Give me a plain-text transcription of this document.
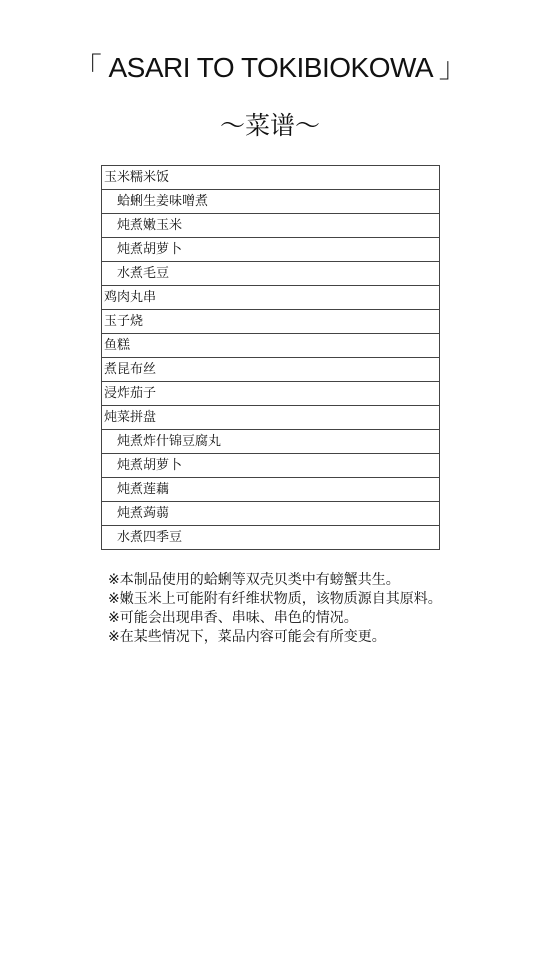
「 ASARI TO TOKIBIOKOWA 」
～菜谱～
玉米糯米饭
蛤蜊生姜味噌煮
炖煮嫩玉米
炖煮胡萝卜
水煮毛豆
鸡肉丸串
玉子烧
鱼糕
煮昆布丝
浸炸茄子
炖菜拼盘
炖煮炸什锦豆腐丸
炖煮胡萝卜
炖煮莲藕
炖煮蒟蒻
水煮四季豆

※本制品使用的蛤蜊等双壳贝类中有螃蟹共生。

※嫩玉米上可能附有纤维状物质，该物质源自其原料。

※可能会出现串香、串味、串色的情况。

※在某些情况下，菜品内容可能会有所变更。
